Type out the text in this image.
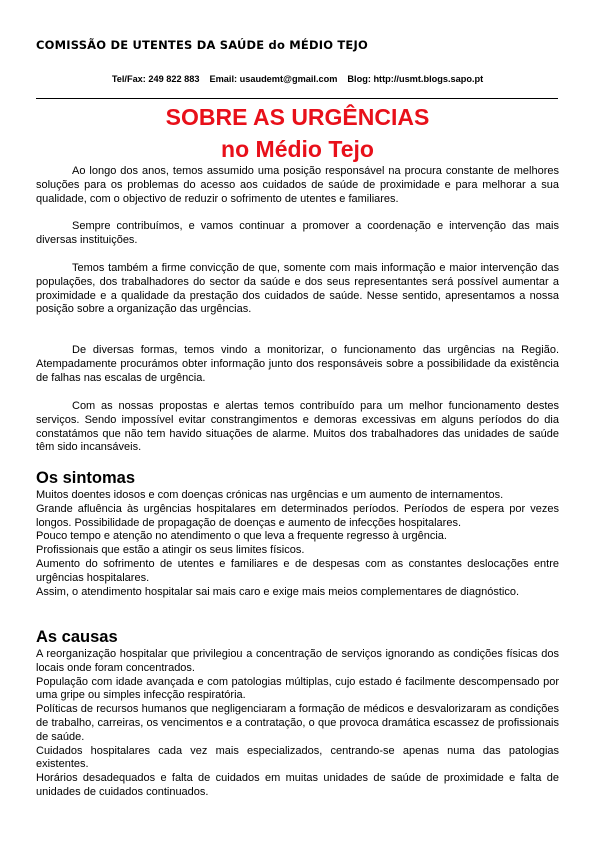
COMISSÃO DE UTENTES DA SAÚDE do MÉDIO TEJO
Tel/Fax: 249 822 883 Email: usaudemt@gmail.com Blog: http://usmt.blogs.sapo.pt
SOBRE AS URGÊNCIAS
no Médio Tejo

Ao longo dos anos, temos assumido uma posição responsável na procura constante de melhores soluções para os problemas do acesso aos cuidados de saúde de proximidade e para melhorar a sua qualidade, com o objectivo de reduzir o sofrimento de utentes e familiares.

Sempre contribuímos, e vamos continuar a promover a coordenação e intervenção das mais diversas instituições.

Temos também a firme convicção de que, somente com mais informação e maior intervenção das populações, dos trabalhadores do sector da saúde e dos seus representantes será possível aumentar a proximidade e a qualidade da prestação dos cuidados de saúde. Nesse sentido, apresentamos a nossa posição sobre a organização das urgências.

De diversas formas, temos vindo a monitorizar, o funcionamento das urgências na Região. Atempadamente procurámos obter informação junto dos responsáveis sobre a possibilidade da existência de falhas nas escalas de urgência.

Com as nossas propostas e alertas temos contribuído para um melhor funcionamento destes serviços. Sendo impossível evitar constrangimentos e demoras excessivas em alguns períodos do dia constatámos que não tem havido situações de alarme. Muitos dos trabalhadores das unidades de saúde têm sido incansáveis.

Os sintomas
Muitos doentes idosos e com doenças crónicas nas urgências e um aumento de internamentos.
Grande afluência às urgências hospitalares em determinados períodos. Períodos de espera por vezes longos. Possibilidade de propagação de doenças e aumento de infecções hospitalares.
Pouco tempo e atenção no atendimento o que leva a frequente regresso à urgência.
Profissionais que estão a atingir os seus limites físicos.
Aumento do sofrimento de utentes e familiares e de despesas com as constantes deslocações entre urgências hospitalares.
Assim, o atendimento hospitalar sai mais caro e exige mais meios complementares de diagnóstico.
As causas
A reorganização hospitalar que privilegiou a concentração de serviços ignorando as condições físicas dos locais onde foram concentrados.
População com idade avançada e com patologias múltiplas, cujo estado é facilmente descompensado por uma gripe ou simples infecção respiratória.
Políticas de recursos humanos que negligenciaram a formação de médicos e desvalorizaram as condições de trabalho, carreiras, os vencimentos e a contratação, o que provoca dramática escassez de profissionais de saúde.
Cuidados hospitalares cada vez mais especializados, centrando-se apenas numa das patologias existentes.
Horários desadequados e falta de cuidados em muitas unidades de saúde de proximidade e falta de unidades de cuidados continuados.
